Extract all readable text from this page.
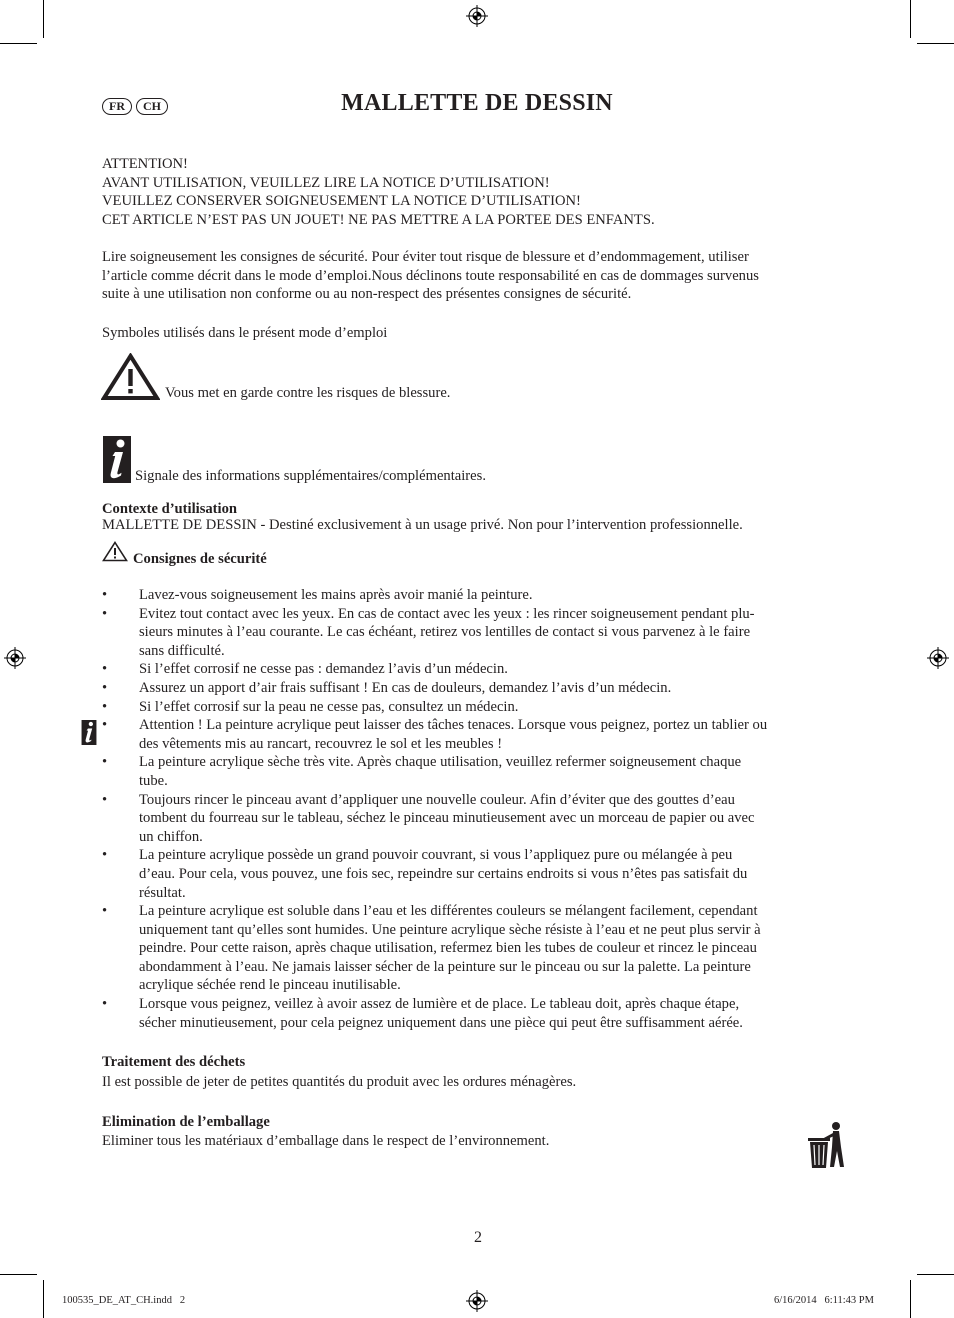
FR CH	MALLETTE DE DESSIN
ATTENTION!
AVANT UTILISATION, VEUILLEZ LIRE LA NOTICE D’UTILISATION!
VEUILLEZ CONSERVER SOIGNEUSEMENT LA NOTICE D’UTILISATION!
CET ARTICLE N’EST PAS UN JOUET! NE PAS METTRE A LA PORTEE DES ENFANTS.
Lire soigneusement les consignes de sécurité. Pour éviter tout risque de blessure et d’endommagement, utiliser
l’article comme décrit dans le mode d’emploi.Nous déclinons toute responsabilité en cas de dommages survenus
suite à une utilisation non conforme ou au non-respect des présentes consignes de sécurité.
Symboles utilisés dans le présent mode d’emploi
Vous met en garde contre les risques de blessure.
Signale des informations supplémentaires/complémentaires.
Contexte d’utilisation
MALLETTE DE DESSIN - Destiné exclusivement à un usage privé. Non pour l’intervention professionnelle.
Consignes de sécurité
• Lavez-vous soigneusement les mains après avoir manié la peinture.
• Evitez tout contact avec les yeux. En cas de contact avec les yeux : les rincer soigneusement pendant plu-
sieurs minutes à l’eau courante. Le cas échéant, retirez vos lentilles de contact si vous parvenez à le faire
sans difficulté.
• Si l’effet corrosif ne cesse pas : demandez l’avis d’un médecin.
• Assurez un apport d’air frais suffisant ! En cas de douleurs, demandez l’avis d’un médecin.
• Si l’effet corrosif sur la peau ne cesse pas, consultez un médecin.
• Attention ! La peinture acrylique peut laisser des tâches tenaces. Lorsque vous peignez, portez un tablier ou
des vêtements mis au rancart, recouvrez le sol et les meubles !
• La peinture acrylique sèche très vite. Après chaque utilisation, veuillez refermer soigneusement chaque
tube.
• Toujours rincer le pinceau avant d’appliquer une nouvelle couleur. Afin d’éviter que des gouttes d’eau
tombent du fourreau sur le tableau, séchez le pinceau minutieusement avec un morceau de papier ou avec
un chiffon.
• La peinture acrylique possède un grand pouvoir couvrant, si vous l’appliquez pure ou mélangée à peu
d’eau. Pour cela, vous pouvez, une fois sec, repeindre sur certains endroits si vous n’êtes pas satisfait du
résultat.
• La peinture acrylique est soluble dans l’eau et les différentes couleurs se mélangent facilement, cependant
uniquement tant qu’elles sont humides. Une peinture acrylique sèche résiste à l’eau et ne peut plus servir à
peindre. Pour cette raison, après chaque utilisation, refermez bien les tubes de couleur et rincez le pinceau
abondamment à l’eau. Ne jamais laisser sécher de la peinture sur le pinceau ou sur la palette. La peinture
acrylique séchée rend le pinceau inutilisable.
• Lorsque vous peignez, veillez à avoir assez de lumière et de place. Le tableau doit, après chaque étape,
sécher minutieusement, pour cela peignez uniquement dans une pièce qui peut être suffisamment aérée.
Traitement des déchets
Il est possible de jeter de petites quantités du produit avec les ordures ménagères.
Elimination de l’emballage
Eliminer tous les matériaux d’emballage dans le respect de l’environnement.
2
100535_DE_AT_CH.indd   2	6/16/2014   6:11:43 PM
